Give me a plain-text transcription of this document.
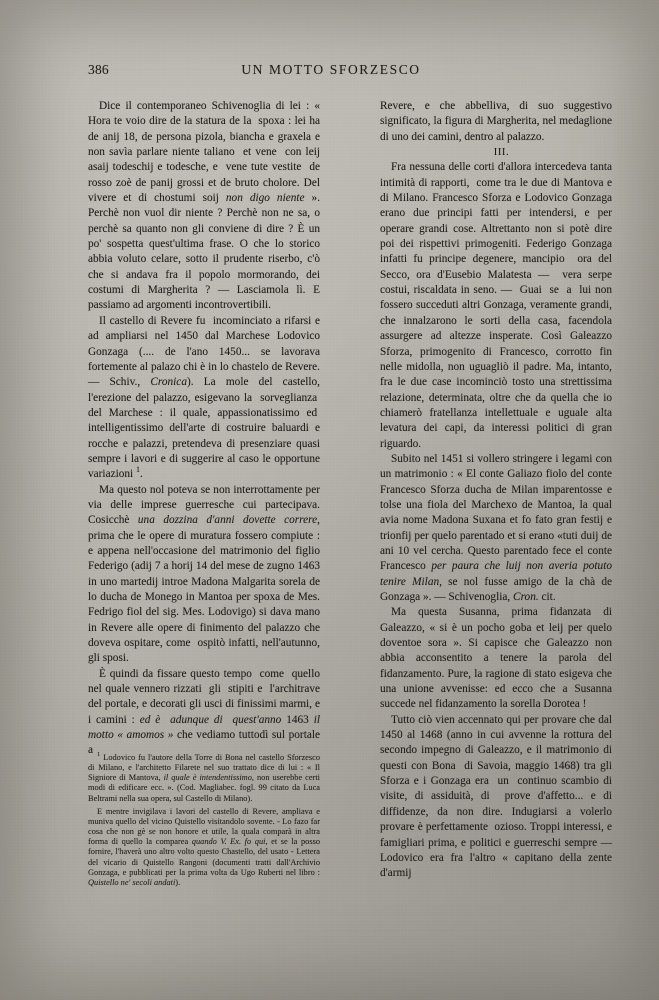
386	UN MOTTO SFORZESCO

Dice il contemporaneo Schivenoglia di lei : « Hora te voio dire de la statura de la  spoxa : lei ha de anij 18, de persona pizola, biancha e graxela e non savìa parlare niente taliano  et vene  con leij asaij todeschij e todesche, e  vene tute vestite  de rosso zoè de panij grossi et de bruto cholore. Del vivere et di chostumi soij non digo niente ». Perchè non vuol dir niente ? Perchè non ne sa, o perchè sa quanto non gli conviene di dire ? È un po' sospetta quest'ultima frase. O che lo storico abbia voluto celare, sotto il prudente riserbo, c'ò che si andava fra il popolo mormorando, dei costumi di Margherita ? — Lasciamola lì. E passiamo ad argomenti incontrovertibili.

Il castello di Revere fu  incominciato a rifarsi e ad ampliarsi nel 1450 dal Marchese Lodovico Gonzaga (.... de l'ano 1450... se lavorava fortemente al palazo chi è in lo chastelo de Revere. — Schiv., Cronica). La mole del castello, l'erezione del palazzo, esigevano la  sorveglianza  del Marchese : il quale, appassionatissimo ed  intelligentissimo dell'arte di costruire baluardi e rocche e palazzi, pretendeva di presenziare quasi sempre i lavori e di suggerire al caso le opportune variazioni $^1$.

Ma questo nol poteva se non interrottamente per via delle imprese guerresche cui partecipava. Cosicchè una dozzina d'anni dovette correre, prima che le opere di muratura fossero compiute : e appena nell'occasione del matrimonio del figlio Federigo (adij 7 a horij 14 del mese de zugno 1463 in uno martedij introe Madona Malgarita sorela de lo ducha de Monego in Mantoa per spoxa de Mes. Fedrigo fiol del sig. Mes. Lodovigo) si dava mano in Revere alle opere di finimento del palazzo che doveva ospitare, come  ospitò infatti, nell'autunno, gli sposi.

È quindi da fissare questo tempo  come  quello nel quale vennero rizzati  gli  stipiti e  l'architrave del portale, e decorati gli usci di finissimi marmi, e i camini : ed è  adunque di  quest'anno 1463 il motto « amomos » che vediamo tuttodì sul portale a

Revere, e che abbelliva, di suo suggestivo significato, la figura di Margherita, nel medaglione di uno dei camini, dentro al palazzo.

III.

Fra nessuna delle corti d'allora intercedeva tanta intimità di rapporti,  come tra le due di Mantova e di Milano. Francesco Sforza e Lodovico Gonzaga erano due principi fatti per intendersi, e per operare grandi cose. Altrettanto non si potè dire poi dei rispettivi primogeniti. Federigo Gonzaga infatti fu principe degenere, mancipio  ora del Secco, ora d'Eusebio Malatesta —  vera serpe costui, riscaldata in seno. —  Guai  se  a  lui non fossero succeduti altri Gonzaga, veramente grandi, che innalzarono le sorti della casa, facendola assurgere ad altezze insperate. Così Galeazzo Sforza, primogenito di Francesco, corrotto fin nelle midolla, non uguagliò il padre. Ma, intanto, fra le due case incominciò tosto una strettissima relazione, determinata, oltre che da quella che io chiamerò fratellanza intellettuale e uguale alta levatura dei capi, da interessi politici di gran riguardo.

Subito nel 1451 si vollero stringere i legami con un matrimonio : « El conte Galiazo fiolo del conte Francesco Sforza ducha de Milan imparentosse e tolse una fiola del Marchexo de Mantoa, la qual avia nome Madona Suxana et fo fato gran festij e trionfij per quelo parentado et si erano «tuti duij de ani 10 vel cercha. Questo parentado fece el conte Francesco per paura che luij non averia potuto tenire Milan, se nol fusse amigo de la chà de Gonzaga ». — Schivenoglia, Cron. cit.

Ma questa Susanna, prima fidanzata di Galeazzo, « si è un pocho goba et leij per quelo doventoe sora ». Si capisce che Galeazzo non abbia acconsentito a tenere la parola del fidanzamento. Pure, la ragione di stato esigeva che una unione avvenisse: ed ecco che a Susanna succede nel fidanzamento la sorella Dorotea !

Tutto ciò vien accennato qui per provare che dal 1450 al 1468 (anno in cui avvenne la rottura del secondo impegno di Galeazzo, e il matrimonio di questi con Bona  di Savoia, maggio 1468) tra gli Sforza e i Gonzaga era  un  continuo scambio di visite, di assiduità, di  prove d'affetto... e di diffidenze, da non dire. Indugiarsi a volerlo provare è perfettamente  ozioso. Troppi interessi, e famigliari prima, e politici e guerreschi sempre — Lodovico era fra l'altro « capitano della zente d'armij

$^1$ Lodovico fu l'autore della Torre di Bona nel castello Sforzesco di Milano, e l'architetto Filarete nel suo trattato dice di lui : « Il Signiore di Mantova, il quale è intendentissimo, non userebbe certi modi di edificare ecc. ». (Cod. Magliabec. fogl. 99 citato da Luca Beltrami nella sua opera, sul Castello di Milano).

E mentre invigilava i lavori del castello di Revere, ampliava e muniva quello del vicino Quistello visitandolo sovente. - Lo fazo far cosa che non gè se non honore et utile, la quala comparà in altra forma di quello la comparea quando V. Ex. fo qui, et se la posso fornire, l'haverà uno altro volto questo Chastello, del usato - Lettera del vicario di Quistello Rangoni (documenti tratti dall'Archivio Gonzaga, e pubblicati per la prima volta da Ugo Ruberti nel libro : Quistello ne' secoli andati).
